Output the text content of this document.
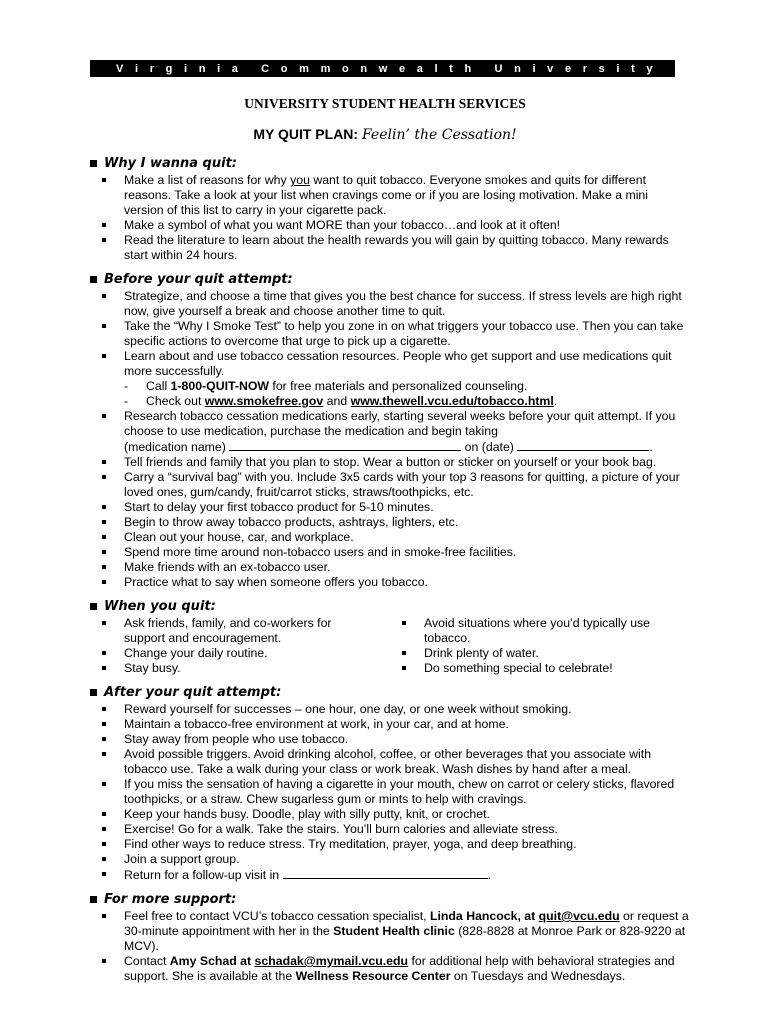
V i r g i n i a C o m m o n w e a l t h U n i v e r s i t y
UNIVERSITY STUDENT HEALTH SERVICES
MY QUIT PLAN: Feelin’ the Cessation!
Why I wanna quit:
Make a list of reasons for why you want to quit tobacco. Everyone smokes and quits for different reasons. Take a look at your list when cravings come or if you are losing motivation. Make a mini version of this list to carry in your cigarette pack.
Make a symbol of what you want MORE than your tobacco…and look at it often!
Read the literature to learn about the health rewards you will gain by quitting tobacco. Many rewards start within 24 hours.
Before your quit attempt:
Strategize, and choose a time that gives you the best chance for success. If stress levels are high right now, give yourself a break and choose another time to quit.
Take the “Why I Smoke Test” to help you zone in on what triggers your tobacco use. Then you can take specific actions to overcome that urge to pick up a cigarette.
Learn about and use tobacco cessation resources. People who get support and use medications quit more successfully.
- Call 1-800-QUIT-NOW for free materials and personalized counseling.
- Check out www.smokefree.gov and www.thewell.vcu.edu/tobacco.html.
Research tobacco cessation medications early, starting several weeks before your quit attempt. If you choose to use medication, purchase the medication and begin taking
(medication name)	on (date)	.
Tell friends and family that you plan to stop. Wear a button or sticker on yourself or your book bag.
Carry a “survival bag” with you. Include 3x5 cards with your top 3 reasons for quitting, a picture of your loved ones, gum/candy, fruit/carrot sticks, straws/toothpicks, etc.
Start to delay your first tobacco product for 5-10 minutes.
Begin to throw away tobacco products, ashtrays, lighters, etc.
Clean out your house, car, and workplace.
Spend more time around non-tobacco users and in smoke-free facilities.
Make friends with an ex-tobacco user.
Practice what to say when someone offers you tobacco.
When you quit:
Ask friends, family, and co-workers for support and encouragement.
Change your daily routine.
Stay busy.
Avoid situations where you’d typically use tobacco.
Drink plenty of water.
Do something special to celebrate!
After your quit attempt:
Reward yourself for successes – one hour, one day, or one week without smoking.
Maintain a tobacco-free environment at work, in your car, and at home.
Stay away from people who use tobacco.
Avoid possible triggers. Avoid drinking alcohol, coffee, or other beverages that you associate with tobacco use. Take a walk during your class or work break. Wash dishes by hand after a meal.
If you miss the sensation of having a cigarette in your mouth, chew on carrot or celery sticks, flavored toothpicks, or a straw. Chew sugarless gum or mints to help with cravings.
Keep your hands busy. Doodle, play with silly putty, knit, or crochet.
Exercise! Go for a walk. Take the stairs. You’ll burn calories and alleviate stress.
Find other ways to reduce stress. Try meditation, prayer, yoga, and deep breathing.
Join a support group.
Return for a follow-up visit in	.
For more support:
Feel free to contact VCU’s tobacco cessation specialist, Linda Hancock, at quit@vcu.edu or request a 30-minute appointment with her in the Student Health clinic (828-8828 at Monroe Park or 828-9220 at MCV).
Contact Amy Schad at schadak@mymail.vcu.edu for additional help with behavioral strategies and support. She is available at the Wellness Resource Center on Tuesdays and Wednesdays.
